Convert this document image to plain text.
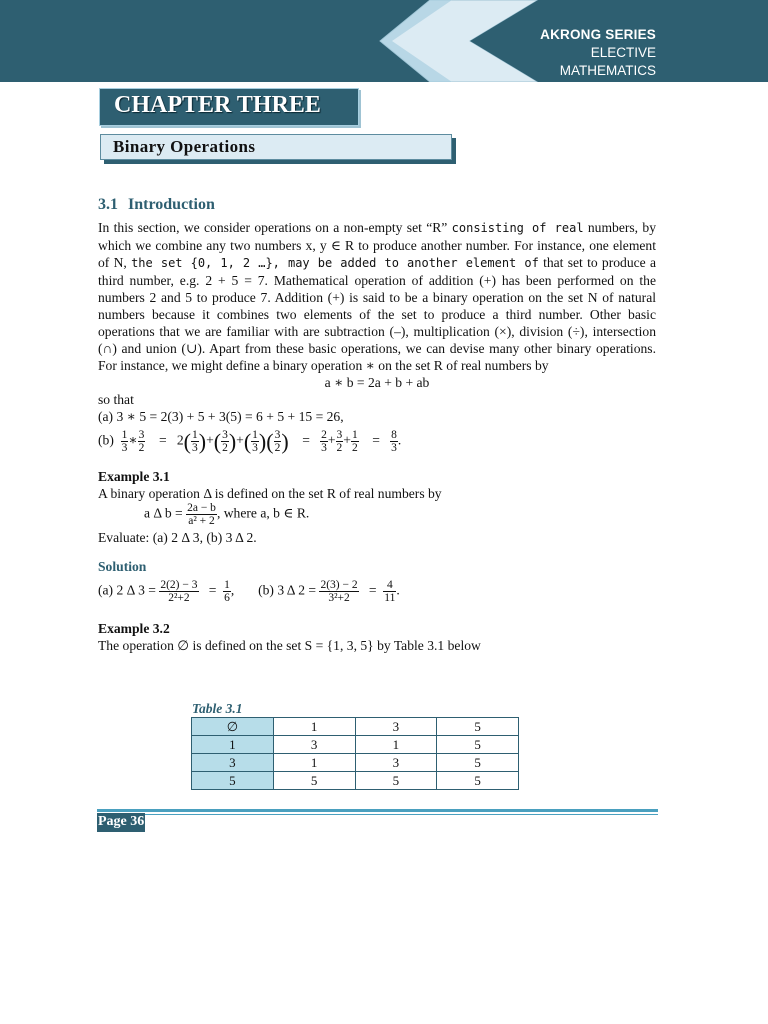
AKRONG SERIES
ELECTIVE
MATHEMATICS
CHAPTER THREE
Binary Operations

3.1 Introduction

In this section, we consider operations on a non-empty set “R” consisting of real numbers, by which we combine any two numbers x, y ∈ R to produce another number. For instance, one element of N, the set {0, 1, 2 …}, may be added to another element of that set to produce a third number, e.g. 2 + 5 = 7. Mathematical operation of addition (+) has been performed on the numbers 2 and 5 to produce 7. Addition (+) is said to be a binary operation on the set N of natural numbers because it combines two elements of the set to produce a third number. Other basic operations that we are familiar with are subtraction (–), multiplication (×), division (÷), intersection (∩) and union (∪). Apart from these basic operations, we can devise many other binary operations. For instance, we might define a binary operation ∗ on the set R of real numbers by

a ∗ b = 2a + b + ab

so that

(a) 3 ∗ 5 = 2(3) + 5 + 3(5) = 6 + 5 + 15 = 26,

$(b) \frac{1}{3}$ ∗ $\frac{3}{2} = 2( \frac{1}{3}$ )+( $\frac{3}{2}$ )+( $\frac{1}{3}$ )( $\frac{3}{2}$ )    = $\frac{2}{3} + \frac{3}{2} + \frac{1}{2} = \frac{8}{3}$ .

Example 3.1

A binary operation Δ is defined on the set R of real numbers by

a Δ $b = \frac{2a - b}{\text{a² + 2}}$ , where a, b ∈ R.

Evaluate: (a) 2 Δ 3, (b) 3 Δ 2.

Solution

(a) 2 Δ $3 = \frac{2(2) - 3}{\text{2²+2}} = \frac{1}{6}$ ,       (b) 3 Δ $2 = \frac{2(3) - 2}{\text{3²+2}} = \frac{4}{11}$ .

Example 3.2

The operation ∅ is defined on the set S = {1, 3, 5} by Table 3.1 below

Table 3.1
∅	1	3	5
1	3	1	5
3	1	3	5
5	5	5	5
Page 36
